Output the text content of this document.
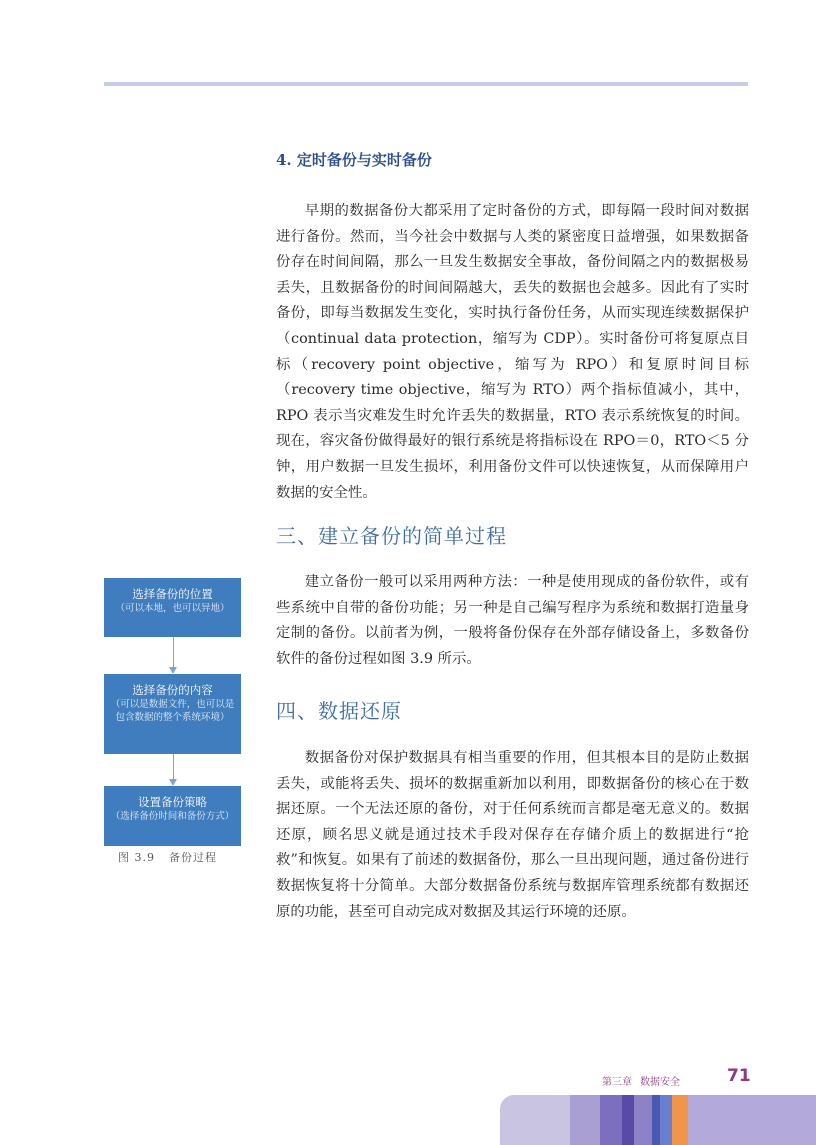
4. 定时备份与实时备份

早期的数据备份大都采用了定时备份的方式，即每隔一段时间对数据进行备份。然而，当今社会中数据与人类的紧密度日益增强，如果数据备份存在时间间隔，那么一旦发生数据安全事故，备份间隔之内的数据极易丢失，且数据备份的时间间隔越大，丢失的数据也会越多。因此有了实时备份，即每当数据发生变化，实时执行备份任务，从而实现连续数据保护（continual data protection，缩写为 CDP）。实时备份可将复原点目标（recovery point objective，缩写为 RPO）和复原时间目标（recovery time objective，缩写为 RTO）两个指标值减小，其中，RPO 表示当灾难发生时允许丢失的数据量，RTO 表示系统恢复的时间。现在，容灾备份做得最好的银行系统是将指标设在 RPO＝0，RTO＜5 分钟，用户数据一旦发生损坏，利用备份文件可以快速恢复，从而保障用户数据的安全性。

三、建立备份的简单过程

建立备份一般可以采用两种方法：一种是使用现成的备份软件，或有些系统中自带的备份功能；另一种是自己编写程序为系统和数据打造量身定制的备份。以前者为例，一般将备份保存在外部存储设备上，多数备份软件的备份过程如图 3.9 所示。

四、数据还原

数据备份对保护数据具有相当重要的作用，但其根本目的是防止数据丢失，或能将丢失、损坏的数据重新加以利用，即数据备份的核心在于数据还原。一个无法还原的备份，对于任何系统而言都是毫无意义的。数据还原，顾名思义就是通过技术手段对保存在存储介质上的数据进行“抢救”和恢复。如果有了前述的数据备份，那么一旦出现问题，通过备份进行数据恢复将十分简单。大部分数据备份系统与数据库管理系统都有数据还原的功能，甚至可自动完成对数据及其运行环境的还原。

选择备份的位置
（可以本地，也可以异地）
选择备份的内容
（可以是数据文件，也可以是包含数据的整个系统环境）
设置备份策略
（选择备份时间和备份方式）

图 3.9 备份过程

第三章 数据安全	71
